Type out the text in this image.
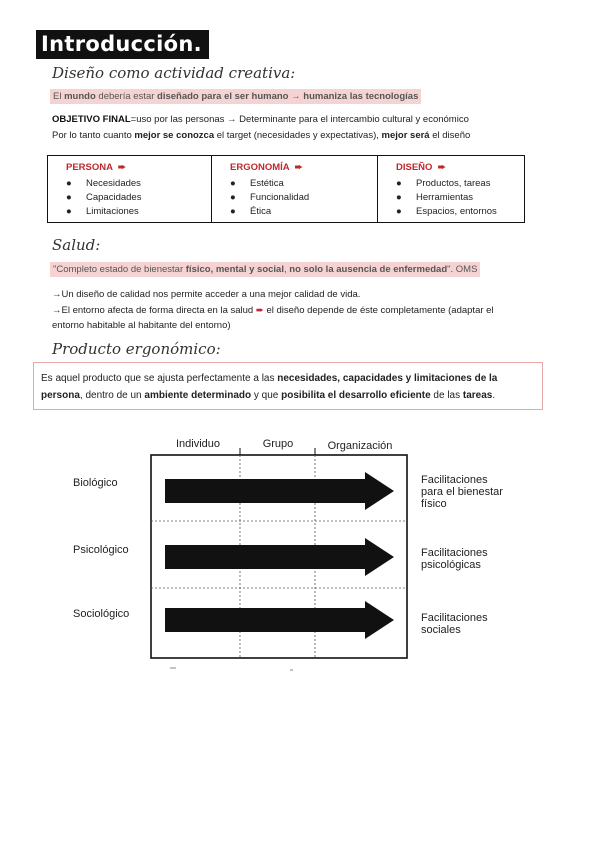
Introducción.
Diseño como actividad creativa:
El mundo debería estar diseñado para el ser humano → humaniza las tecnologías
OBJETIVO FINAL=uso por las personas → Determinante para el intercambio cultural y económico
Por lo tanto cuanto mejor se conozca el target (necesidades y expectativas), mejor será el diseño
PERSONA ➨
● Necesidades
● Capacidades
● Limitaciones
ERGONOMÍA ➨
● Estética
● Funcionalidad
● Ética
DISEÑO ➨
● Productos, tareas
● Herramientas
● Espacios, entornos
Salud:
"Completo estado de bienestar físico, mental y social, no solo la ausencia de enfermedad". OMS
→Un diseño de calidad nos permite acceder a una mejor calidad de vida.
→El entorno afecta de forma directa en la salud ➨ el diseño depende de éste completamente (adaptar el
entorno habitable al habitante del entorno)
Producto ergonómico:
Es aquel producto que se ajusta perfectamente a las necesidades, capacidades y limitaciones de la persona, dentro de un ambiente determinado y que posibilita el desarrollo eficiente de las tareas.
Individuo	Grupo	Organización
Biológico
Psicológico
Sociológico
Facilitaciones
para el bienestar
físico
Facilitaciones
psicológicas
Facilitaciones
sociales
